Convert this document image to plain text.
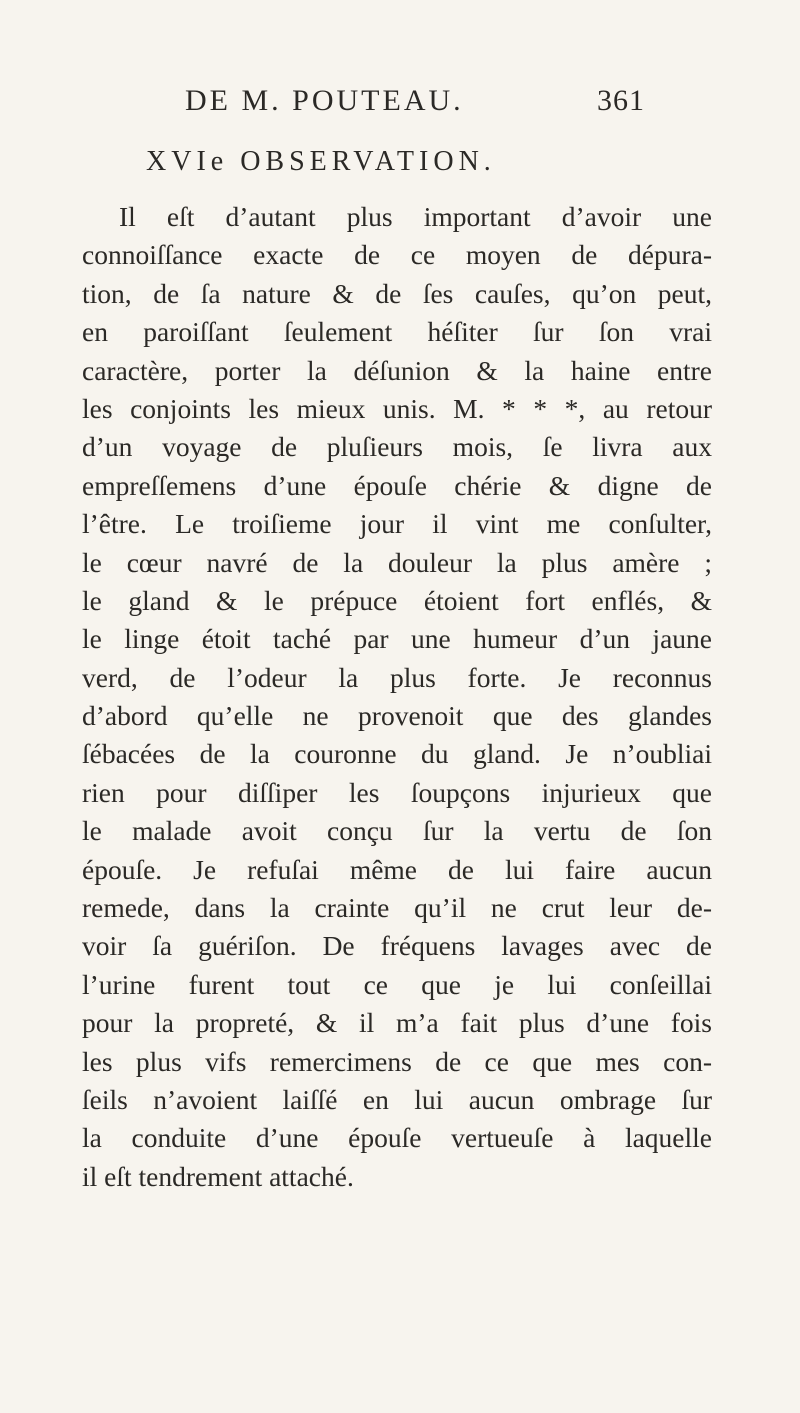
DE M. POUTEAU.	361
XVIe OBSERVATION.
Il eſt d’autant plus important d’avoir une
connoiſſance exacte de ce moyen de dépura-
tion, de ſa nature & de ſes cauſes, qu’on peut,
en paroiſſant ſeulement héſiter ſur ſon vrai
caractère, porter la déſunion & la haine entre
les conjoints les mieux unis. M. * * *, au retour
d’un voyage de pluſieurs mois, ſe livra aux
empreſſemens d’une épouſe chérie & digne de
l’être. Le troiſieme jour il vint me conſulter,
le cœur navré de la douleur la plus amère ;
le gland & le prépuce étoient fort enflés, &
le linge étoit taché par une humeur d’un jaune
verd, de l’odeur la plus forte. Je reconnus
d’abord qu’elle ne provenoit que des glandes
ſébacées de la couronne du gland. Je n’oubliai
rien pour diſſiper les ſoupçons injurieux que
le malade avoit conçu ſur la vertu de ſon
épouſe. Je refuſai même de lui faire aucun
remede, dans la crainte qu’il ne crut leur de-
voir ſa guériſon. De fréquens lavages avec de
l’urine furent tout ce que je lui conſeillai
pour la propreté, & il m’a fait plus d’une fois
les plus vifs remercimens de ce que mes con-
ſeils n’avoient laiſſé en lui aucun ombrage ſur
la conduite d’une épouſe vertueuſe à laquelle
il eſt tendrement attaché.
